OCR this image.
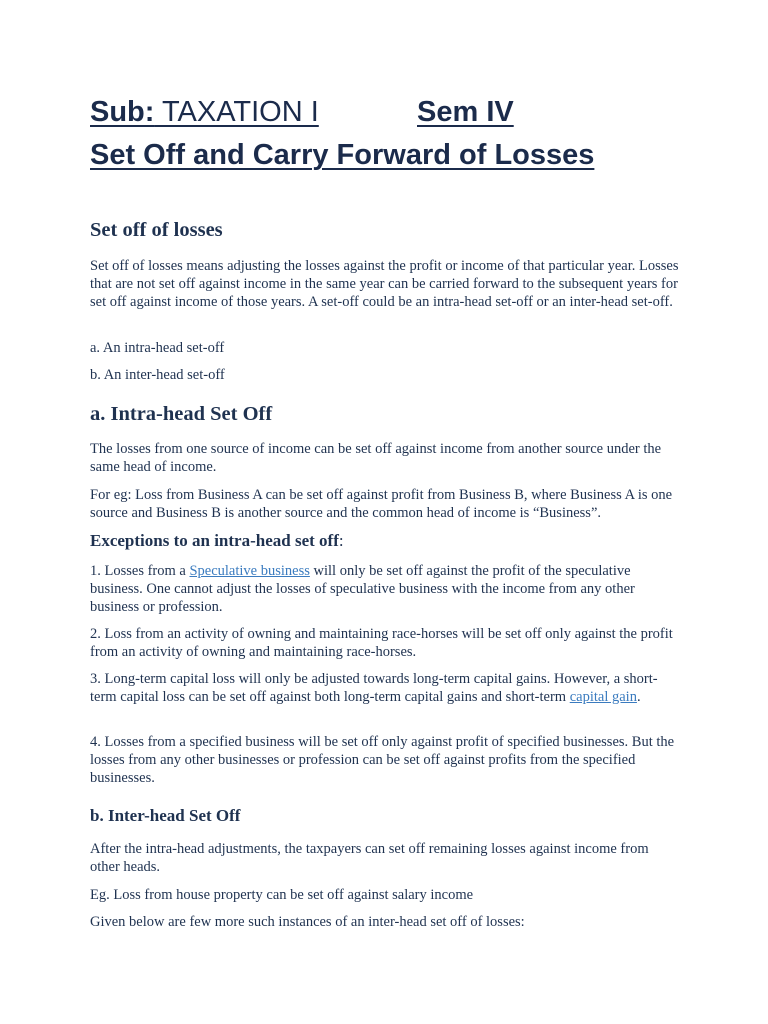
Sub: TAXATION I	Sem IV
Set Off and Carry Forward of Losses
Set off of losses

Set off of losses means adjusting the losses against the profit or income of that particular year. Losses that are not set off against income in the same year can be carried forward to the subsequent years for set off against income of those years. A set-off could be an intra-head set-off or an inter-head set-off.

a. An intra-head set-off

b. An inter-head set-off

a. Intra-head Set Off

The losses from one source of income can be set off against income from another source under the same head of income.

For eg: Loss from Business A can be set off against profit from Business B, where Business A is one source and Business B is another source and the common head of income is “Business”.

Exceptions to an intra-head set off:

1. Losses from a Speculative business will only be set off against the profit of the speculative business. One cannot adjust the losses of speculative business with the income from any other business or profession.

2. Loss from an activity of owning and maintaining race-horses will be set off only against the profit from an activity of owning and maintaining race-horses.

3. Long-term capital loss will only be adjusted towards long-term capital gains. However, a short-term capital loss can be set off against both long-term capital gains and short-term capital gain.

4. Losses from a specified business will be set off only against profit of specified businesses. But the losses from any other businesses or profession can be set off against profits from the specified businesses.

b. Inter-head Set Off

After the intra-head adjustments, the taxpayers can set off remaining losses against income from other heads.

Eg. Loss from house property can be set off against salary income

Given below are few more such instances of an inter-head set off of losses:
